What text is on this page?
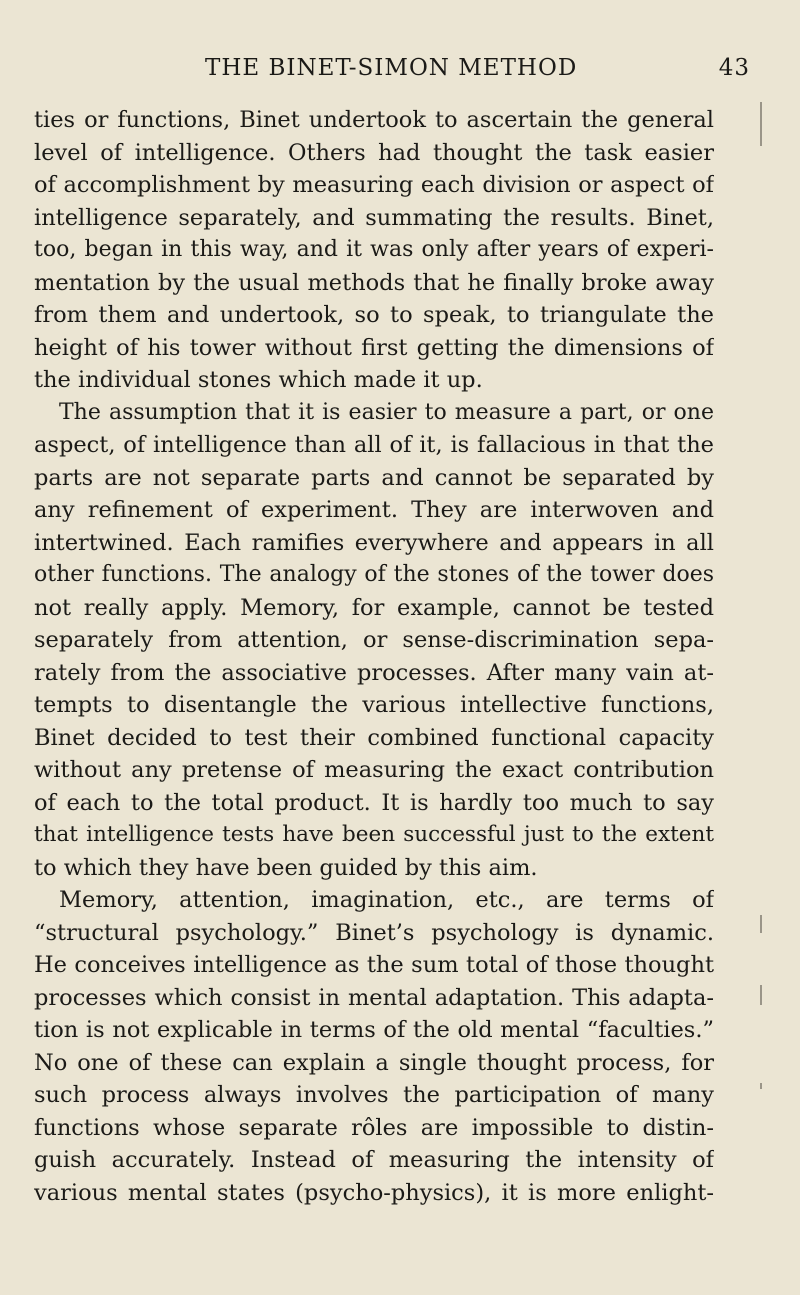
THE BINET-SIMON METHOD	43
ties or functions, Binet undertook to ascertain the general
level of intelligence. Others had thought the task easier
of accomplishment by measuring each division or aspect of
intelligence separately, and summating the results. Binet,
too, began in this way, and it was only after years of experi-
mentation by the usual methods that he finally broke away
from them and undertook, so to speak, to triangulate the
height of his tower without first getting the dimensions of
the individual stones which made it up.
The assumption that it is easier to measure a part, or one
aspect, of intelligence than all of it, is fallacious in that the
parts are not separate parts and cannot be separated by
any refinement of experiment. They are interwoven and
intertwined. Each ramifies everywhere and appears in all
other functions. The analogy of the stones of the tower does
not really apply. Memory, for example, cannot be tested
separately from attention, or sense-discrimination sepa-
rately from the associative processes. After many vain at-
tempts to disentangle the various intellective functions,
Binet decided to test their combined functional capacity
without any pretense of measuring the exact contribution
of each to the total product. It is hardly too much to say
that intelligence tests have been successful just to the extent
to which they have been guided by this aim.
Memory, attention, imagination, etc., are terms of
“structural psychology.” Binet’s psychology is dynamic.
He conceives intelligence as the sum total of those thought
processes which consist in mental adaptation. This adapta-
tion is not explicable in terms of the old mental “faculties.”
No one of these can explain a single thought process, for
such process always involves the participation of many
functions whose separate rôles are impossible to distin-
guish accurately. Instead of measuring the intensity of
various mental states (psycho-physics), it is more enlight-
